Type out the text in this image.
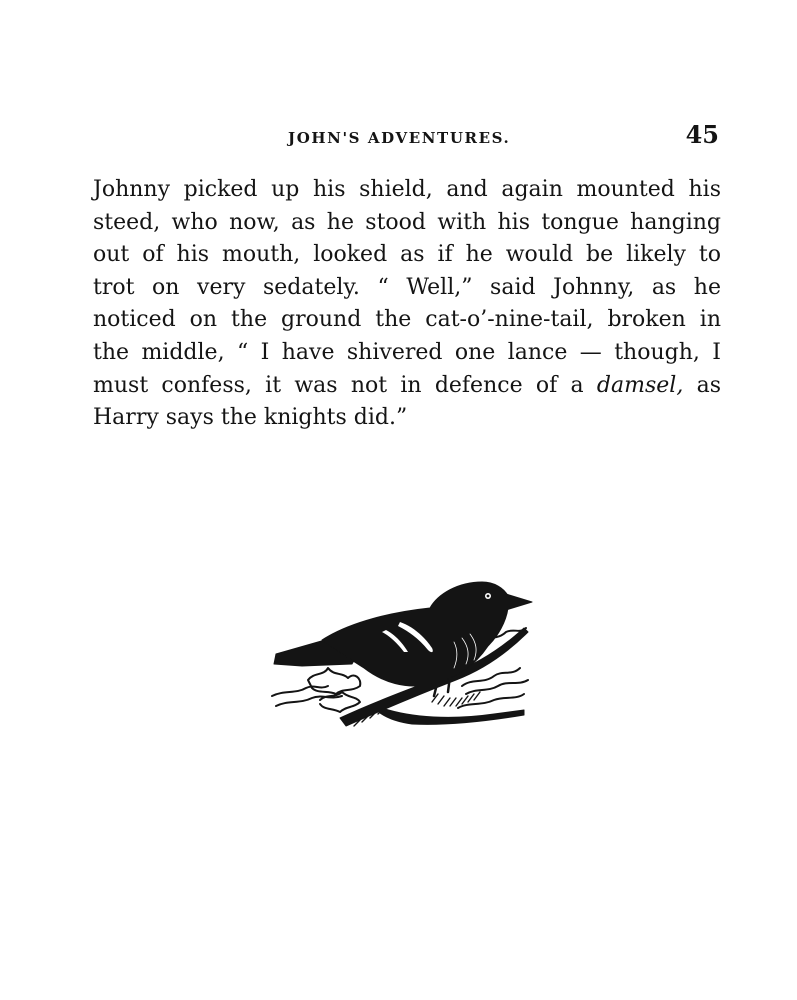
JOHN'S ADVENTURES.	45
Johnny picked up his shield, and again mounted his
steed, who now, as he stood with his tongue hanging
out of his mouth, looked as if he would be likely to
trot on very sedately. “ Well,” said Johnny, as he
noticed on the ground the cat-o’-nine-tail, broken in
the middle, “ I have shivered one lance — though, I
must confess, it was not in defence of a damsel, as
Harry says the knights did.”
